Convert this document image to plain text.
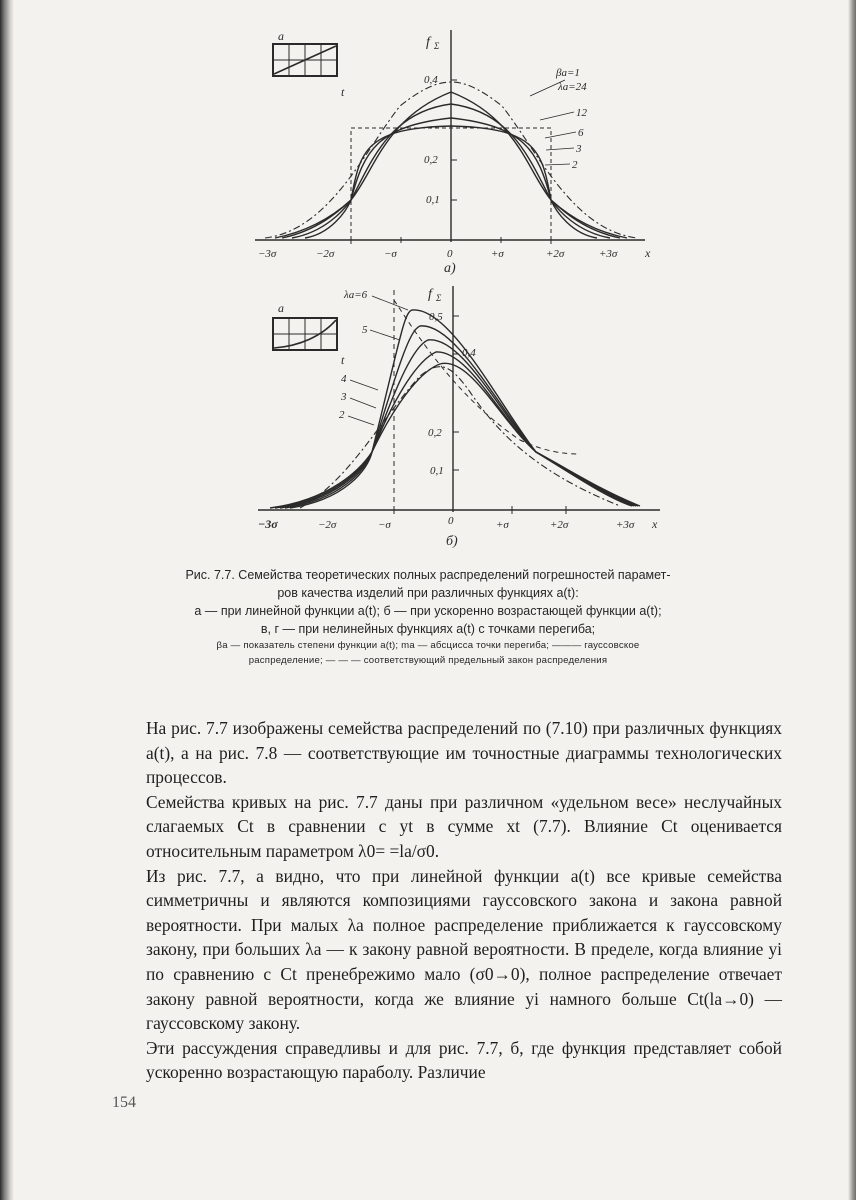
a
t
f Σ
0,4
0,2
0,1
−3σ	−2σ	−σ	0	+σ	+2σ	+3σ x
а)
βa=1
λa=24
12
6
3
2
a
t
f Σ
0,5
0,4
0,2
0,1
−3σ	−2σ	−σ	0	+σ	+2σ	+3σ x
б)
λa=6
5
4
3
2
Рис. 7.7. Семейства теоретических полных распределений погрешностей парамет-
ров качества изделий при различных функциях a(t):
а — при линейной функции a(t); б — при ускоренно возрастающей функции a(t);
в, г — при нелинейных функциях a(t) с точками перегиба;
βa — показатель степени функции a(t); ma — абсцисса точки перегиба; ——— гауссовское
распределение; — — — соответствующий предельный закон распределения

На рис. 7.7 изображены семейства распределений по (7.10) при различных функциях a(t), а на рис. 7.8 — соответствующие им точностные диаграммы технологических процессов.

Семейства кривых на рис. 7.7 даны при различном «удельном весе» неслучайных слагаемых Ct в сравнении с yt в сумме xt (7.7). Влияние Ct оценивается относительным параметром λ0= =la/σ0.

Из рис. 7.7, а видно, что при линейной функции a(t) все кривые семейства симметричны и являются композициями гауссовского закона и закона равной вероятности. При малых λa полное распределение приближается к гауссовскому закону, при больших λa — к закону равной вероятности. В пределе, когда влияние yi по сравнению с Ct пренебрежимо мало (σ0→0), полное распределение отвечает закону равной вероятности, когда же влияние yi намного больше Ct(la→0) — гауссовскому закону.

Эти рассуждения справедливы и для рис. 7.7, б, где функция представляет собой ускоренно возрастающую параболу. Различие

154
